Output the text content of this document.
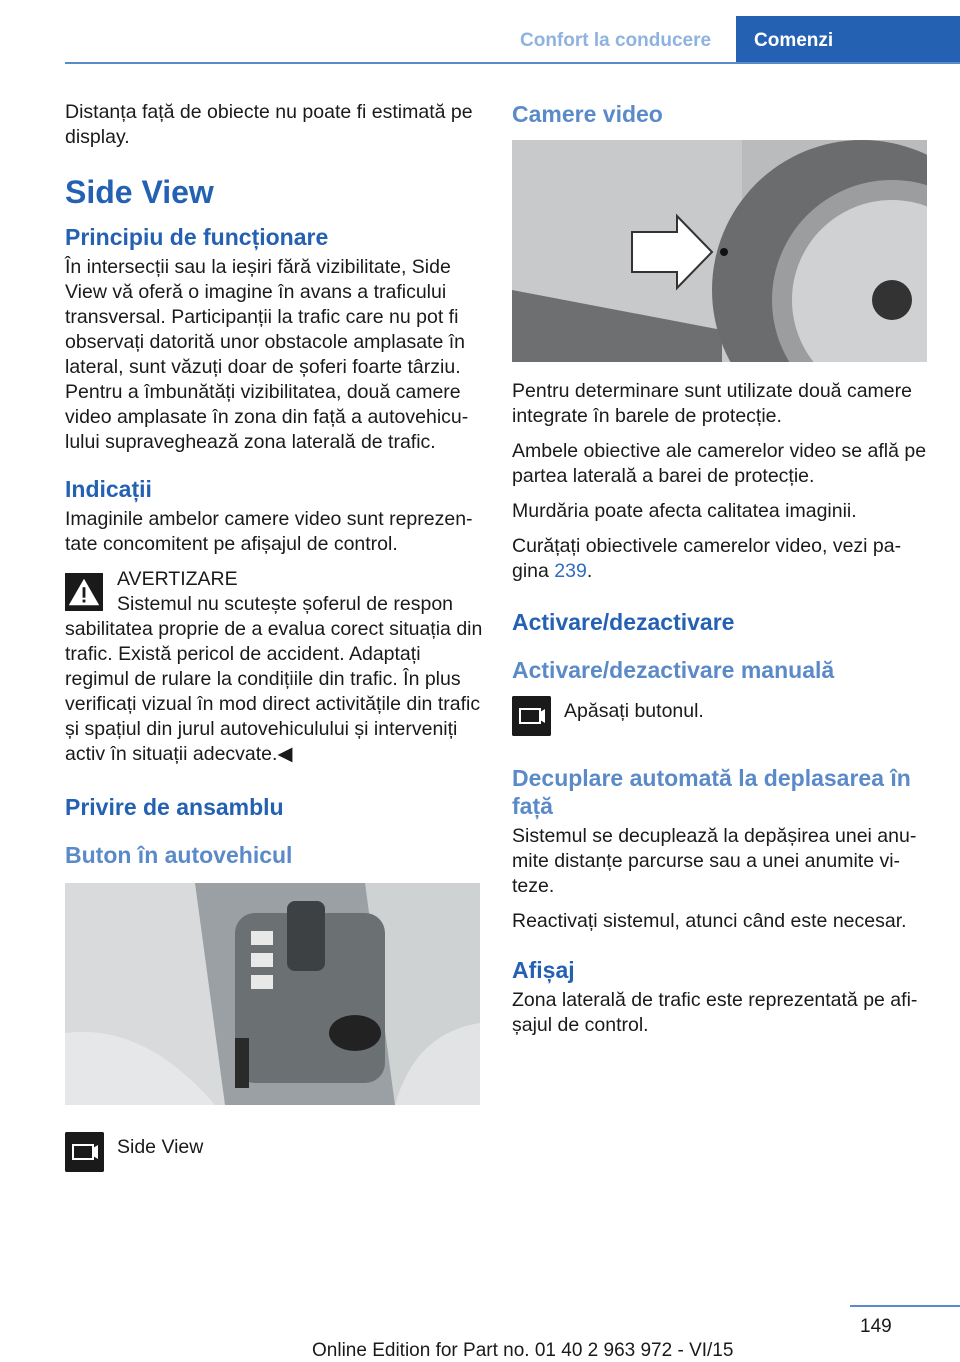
Confort la conducere	Comenzi

Distanța față de obiecte nu poate fi estimată pe display.

Side View
Principiu de funcționare

În intersecții sau la ieșiri fără vizibilitate, Side View vă oferă o imagine în avans a traficului transversal. Participanții la trafic care nu pot fi observați datorită unor obstacole amplasate în lateral, sunt văzuți doar de șoferi foarte târziu. Pentru a îmbunătăți vizibilitatea, două camere video amplasate în zona din față a autovehiculului supraveghează zona laterală de trafic.

Indicații

Imaginile ambelor camere video sunt reprezentate concomitent pe afișajul de control.

AVERTIZARE
Sistemul nu scutește șoferul de respon
sabilitatea proprie de a evalua corect situația din trafic. Există pericol de accident. Adaptați regimul de rulare la condițiile din trafic. În plus verificați vizual în mod direct activitățile din trafic și spațiul din jurul autovehiculului și interveniți activ în situații adecvate.◀
Privire de ansamblu
Buton în autovehicul
Side View
Camere video

Pentru determinare sunt utilizate două camere integrate în barele de protecție.

Ambele obiective ale camerelor video se află pe partea laterală a barei de protecție.

Murdăria poate afecta calitatea imaginii.

Curățați obiectivele camerelor video, vezi pagina 239.

Activare/dezactivare
Activare/dezactivare manuală
Apăsați butonul.
Decuplare automată la deplasarea în față

Sistemul se decuplează la depășirea unei anumite distanțe parcurse sau a unei anumite viteze.

Reactivați sistemul, atunci când este necesar.

Afișaj

Zona laterală de trafic este reprezentată pe afișajul de control.

149
Online Edition for Part no. 01 40 2 963 972 - VI/15
